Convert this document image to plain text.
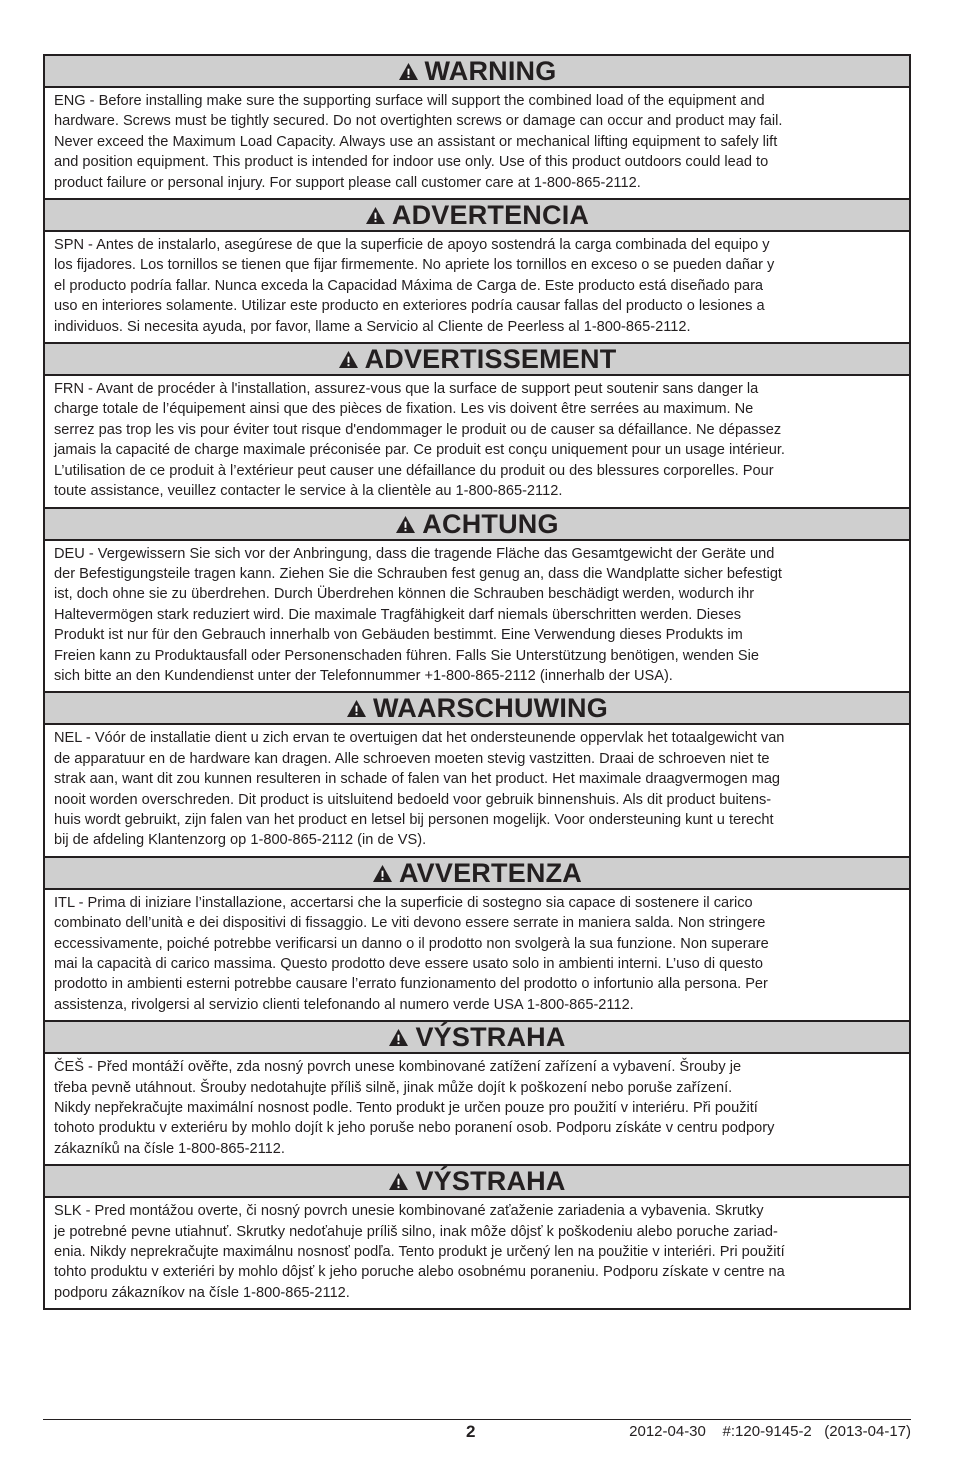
WARNING
ENG - Before installing make sure the supporting surface will support the combined load of the equipment and
hardware. Screws must be tightly secured. Do not overtighten screws or damage can occur and product may fail.
Never exceed the Maximum Load Capacity. Always use an assistant or mechanical lifting equipment to safely lift
and position equipment. This product is intended for indoor use only. Use of this product outdoors could lead to
product failure or personal injury. For support please call customer care at 1-800-865-2112.
ADVERTENCIA
SPN - Antes de instalarlo, asegúrese de que la superficie de apoyo sostendrá la carga combinada del equipo y
los fijadores. Los tornillos se tienen que fijar firmemente. No apriete los tornillos en exceso o se pueden dañar y
el producto podría fallar. Nunca exceda la Capacidad Máxima de Carga de. Este producto está diseñado para
uso en interiores solamente. Utilizar este producto en exteriores podría causar fallas del producto o lesiones a
individuos. Si necesita ayuda, por favor, llame a Servicio al Cliente de Peerless al 1-800-865-2112.
ADVERTISSEMENT
FRN - Avant de procéder à l'installation, assurez-vous que la surface de support peut soutenir sans danger la
charge totale de l’équipement ainsi que des pièces de fixation. Les vis doivent être serrées au maximum. Ne
serrez pas trop les vis pour éviter tout risque d'endommager le produit ou de causer sa défaillance. Ne dépassez
jamais la capacité de charge maximale préconisée par. Ce produit est conçu uniquement pour un usage intérieur.
L’utilisation de ce produit à l’extérieur peut causer une défaillance du produit ou des blessures corporelles. Pour
toute assistance, veuillez contacter le service à la clientèle au 1-800-865-2112.
ACHTUNG
DEU - Vergewissern Sie sich vor der Anbringung, dass die tragende Fläche das Gesamtgewicht der Geräte und
der Befestigungsteile tragen kann. Ziehen Sie die Schrauben fest genug an, dass die Wandplatte sicher befestigt
ist, doch ohne sie zu überdrehen. Durch Überdrehen können die Schrauben beschädigt werden, wodurch ihr
Haltevermögen stark reduziert wird. Die maximale Tragfähigkeit darf niemals überschritten werden. Dieses
Produkt ist nur für den Gebrauch innerhalb von Gebäuden bestimmt. Eine Verwendung dieses Produkts im
Freien kann zu Produktausfall oder Personenschaden führen. Falls Sie Unterstützung benötigen, wenden Sie
sich bitte an den Kundendienst unter der Telefonnummer +1-800-865-2112 (innerhalb der USA).
WAARSCHUWING
NEL - Vóór de installatie dient u zich ervan te overtuigen dat het ondersteunende oppervlak het totaalgewicht van
de apparatuur en de hardware kan dragen. Alle schroeven moeten stevig vastzitten. Draai de schroeven niet te
strak aan, want dit zou kunnen resulteren in schade of falen van het product. Het maximale draagvermogen mag
nooit worden overschreden. Dit product is uitsluitend bedoeld voor gebruik binnenshuis. Als dit product buitens-
huis wordt gebruikt, zijn falen van het product en letsel bij personen mogelijk. Voor ondersteuning kunt u terecht
bij de afdeling Klantenzorg op 1-800-865-2112 (in de VS).
AVVERTENZA
ITL - Prima di iniziare l’installazione, accertarsi che la superficie di sostegno sia capace di sostenere il carico
combinato dell’unità e dei dispositivi di fissaggio. Le viti devono essere serrate in maniera salda. Non stringere
eccessivamente, poiché potrebbe verificarsi un danno o il prodotto non svolgerà la sua funzione. Non superare
mai la capacità di carico massima. Questo prodotto deve essere usato solo in ambienti interni. L’uso di questo
prodotto in ambienti esterni potrebbe causare l’errato funzionamento del prodotto o infortunio alla persona. Per
assistenza, rivolgersi al servizio clienti telefonando al numero verde USA 1-800-865-2112.
VÝSTRAHA
ČEŠ - Před montáží ověřte, zda nosný povrch unese kombinované zatížení zařízení a vybavení. Šrouby je
třeba pevně utáhnout. Šrouby nedotahujte příliš silně, jinak může dojít k poškození nebo poruše zařízení.
Nikdy nepřekračujte maximální nosnost podle. Tento produkt je určen pouze pro použití v interiéru. Při použití
tohoto produktu v exteriéru by mohlo dojít k jeho poruše nebo poranení osob. Podporu získáte v centru podpory
zákazníků na čísle 1-800-865-2112.
VÝSTRAHA
SLK - Pred montážou overte, či nosný povrch unesie kombinované zaťaženie zariadenia a vybavenia. Skrutky
je potrebné pevne utiahnuť. Skrutky nedoťahuje príliš silno, inak môže dôjsť k poškodeniu alebo poruche zariad-
enia. Nikdy neprekračujte maximálnu nosnosť podľa. Tento produkt je určený len na použitie v interiéri. Pri použití
tohto produktu v exteriéri by mohlo dôjsť k jeho poruche alebo osobnému poraneniu. Podporu získate v centre na
podporu zákazníkov na čísle 1-800-865-2112.
2	2012-04-30    #:120-9145-2   (2013-04-17)
